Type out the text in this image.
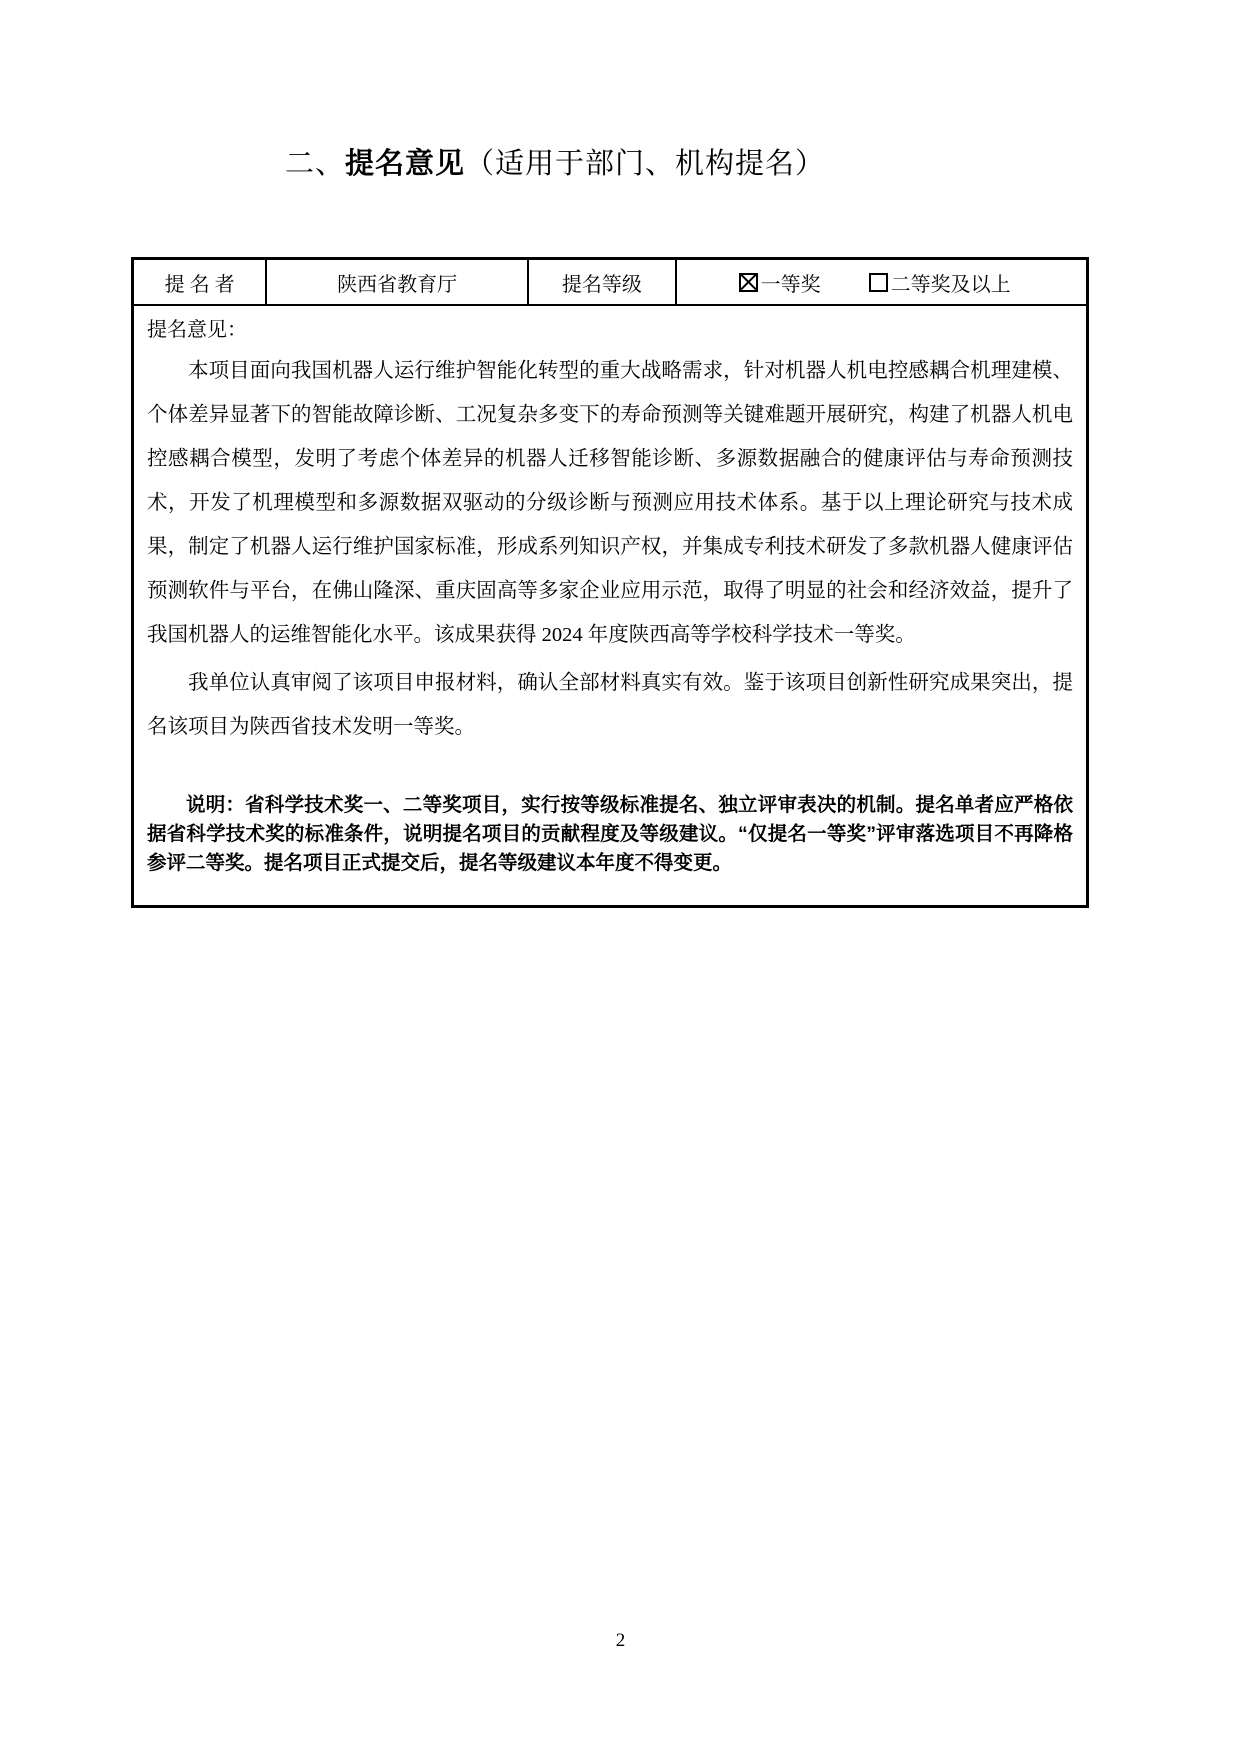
二、提名意见（适用于部门、机构提名）
提 名 者	陕西省教育厅	提名等级	一等奖	二等奖及以上
提名意见：

本项目面向我国机器人运行维护智能化转型的重大战略需求，针对机器人机电控感耦合机理建模、个体差异显著下的智能故障诊断、工况复杂多变下的寿命预测等关键难题开展研究，构建了机器人机电控感耦合模型，发明了考虑个体差异的机器人迁移智能诊断、多源数据融合的健康评估与寿命预测技术，开发了机理模型和多源数据双驱动的分级诊断与预测应用技术体系。基于以上理论研究与技术成果，制定了机器人运行维护国家标准，形成系列知识产权，并集成专利技术研发了多款机器人健康评估预测软件与平台，在佛山隆深、重庆固高等多家企业应用示范，取得了明显的社会和经济效益，提升了我国机器人的运维智能化水平。该成果获得 2024 年度陕西高等学校科学技术一等奖。

我单位认真审阅了该项目申报材料，确认全部材料真实有效。鉴于该项目创新性研究成果突出，提名该项目为陕西省技术发明一等奖。

说明：省科学技术奖一、二等奖项目，实行按等级标准提名、独立评审表决的机制。提名单者应严格依据省科学技术奖的标准条件，说明提名项目的贡献程度及等级建议。“仅提名一等奖”评审落选项目不再降格参评二等奖。提名项目正式提交后，提名等级建议本年度不得变更。

2
